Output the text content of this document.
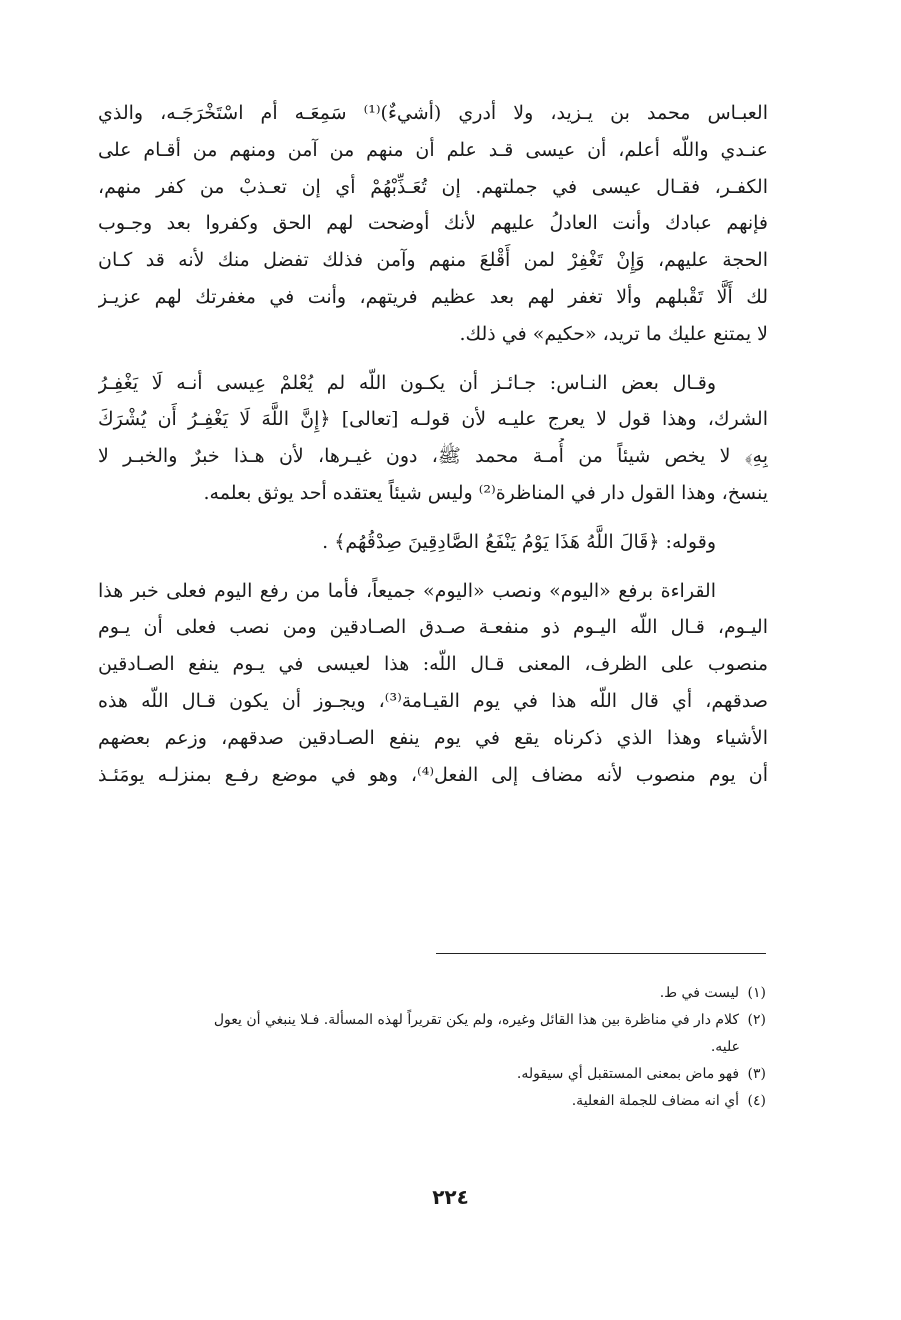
العبـاس محمد بن يـزيد، ولا أدري (أشيءٌ)⁽¹⁾ سَمِعَـه أم اسْتَخْرَجَـه، والذي
عنـدي واللّه أعلم، أن عيسى قـد علم أن منهم من آمن ومنهم من أقـام على
الكفـر، فقـال عيسى في جملتهم. إن تُعَـذِّبْهُمْ أي إن تعـذبْ من كفر منهم،
فإنهم عبادك وأنت العادلُ عليهم لأنك أوضحت لهم الحق وكفروا بعد وجـوب
الحجة عليهم، وَإِنْ تَغْفِرْ لمن أَقْلعَ منهم وآمن فذلك تفضل منك لأنه قد كـان
لك أَلَّا تَقْبلهم وألا تغفر لهم بعد عظيم فريتهم، وأنت في مغفرتك لهم عزيـز
لا يمتنع عليك ما تريد، «حكيم» في ذلك.
وقـال بعض النـاس: جـائـز أن يكـون اللّه لم يُعْلمْ عِيسى أنـه لَا يَغْفِـرُ
الشرك، وهذا قول لا يعرج عليـه لأن قولـه [تعالى] ﴿إِنَّ اللَّهَ لَا يَغْفِـرُ أَن يُشْرَكَ
بِهِ﴾ لا يخص شيئاً من أُمـة محمد ﷺ، دون غيـرها، لأن هـذا خبرٌ والخبـر لا
ينسخ، وهذا القول دار في المناظرة⁽²⁾ وليس شيئاً يعتقده أحد يوثق بعلمه.
وقوله: ﴿قَالَ اللَّهُ هَذَا يَوْمُ يَنْفَعُ الصَّادِقِينَ صِدْقُهُم﴾ .
القراءة برفع «اليوم» ونصب «اليوم» جميعاً، فأما من رفع اليوم فعلى خبر هذا
اليـوم، قـال اللّه اليـوم ذو منفعـة صـدق الصـادقين ومن نصب فعلى أن يـوم
منصوب على الظرف، المعنى قـال اللّه: هذا لعيسى في يـوم ينفع الصـادقين
صدقهم، أي قال اللّه هذا في يوم القيـامة⁽³⁾، ويجـوز أن يكون قـال اللّه هذه
الأشياء وهذا الذي ذكرناه يقع في يوم ينفع الصـادقين صدقهم، وزعم بعضهم
أن يوم منصوب لأنه مضاف إلى الفعل⁽⁴⁾، وهو في موضع رفـع بمنزلـه يومَئـذ

(١) ليست في ط.

(٢) كلام دار في مناظرة بين هذا القائل وغيره، ولم يكن تقريراً لهذه المسألة. فـلا ينبغي أن يعول

عليه.

(٣) فهو ماض بمعنى المستقبل أي سيقوله.

(٤) أي انه مضاف للجملة الفعلية.

٢٢٤
